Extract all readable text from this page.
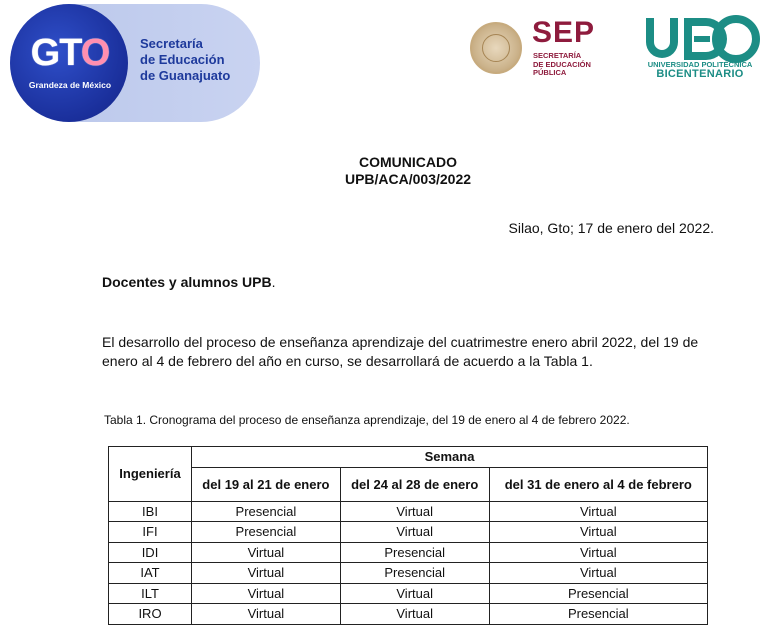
GTO
Grandeza de México
Secretaría
de Educación
de Guanajuato
SEP
SECRETARÍA
DE EDUCACIÓN
PÚBLICA
UNIVERSIDAD POLITÉCNICA
BICENTENARIO
COMUNICADO
UPB/ACA/003/2022
Silao, Gto; 17 de enero del 2022.
Docentes y alumnos UPB.
El desarrollo del proceso de enseñanza aprendizaje del cuatrimestre enero abril 2022, del 19 de enero al 4 de febrero del año en curso, se desarrollará de acuerdo a la Tabla 1.
Tabla 1. Cronograma del proceso de enseñanza aprendizaje, del 19 de enero al 4 de febrero 2022.
Ingeniería	Semana		
	del 19 al 21 de enero	del 24 al 28 de enero	del 31 de enero al 4 de febrero
IBI	Presencial	Virtual	Virtual
IFI	Presencial	Virtual	Virtual
IDI	Virtual	Presencial	Virtual
IAT	Virtual	Presencial	Virtual
ILT	Virtual	Virtual	Presencial
IRO	Virtual	Virtual	Presencial
